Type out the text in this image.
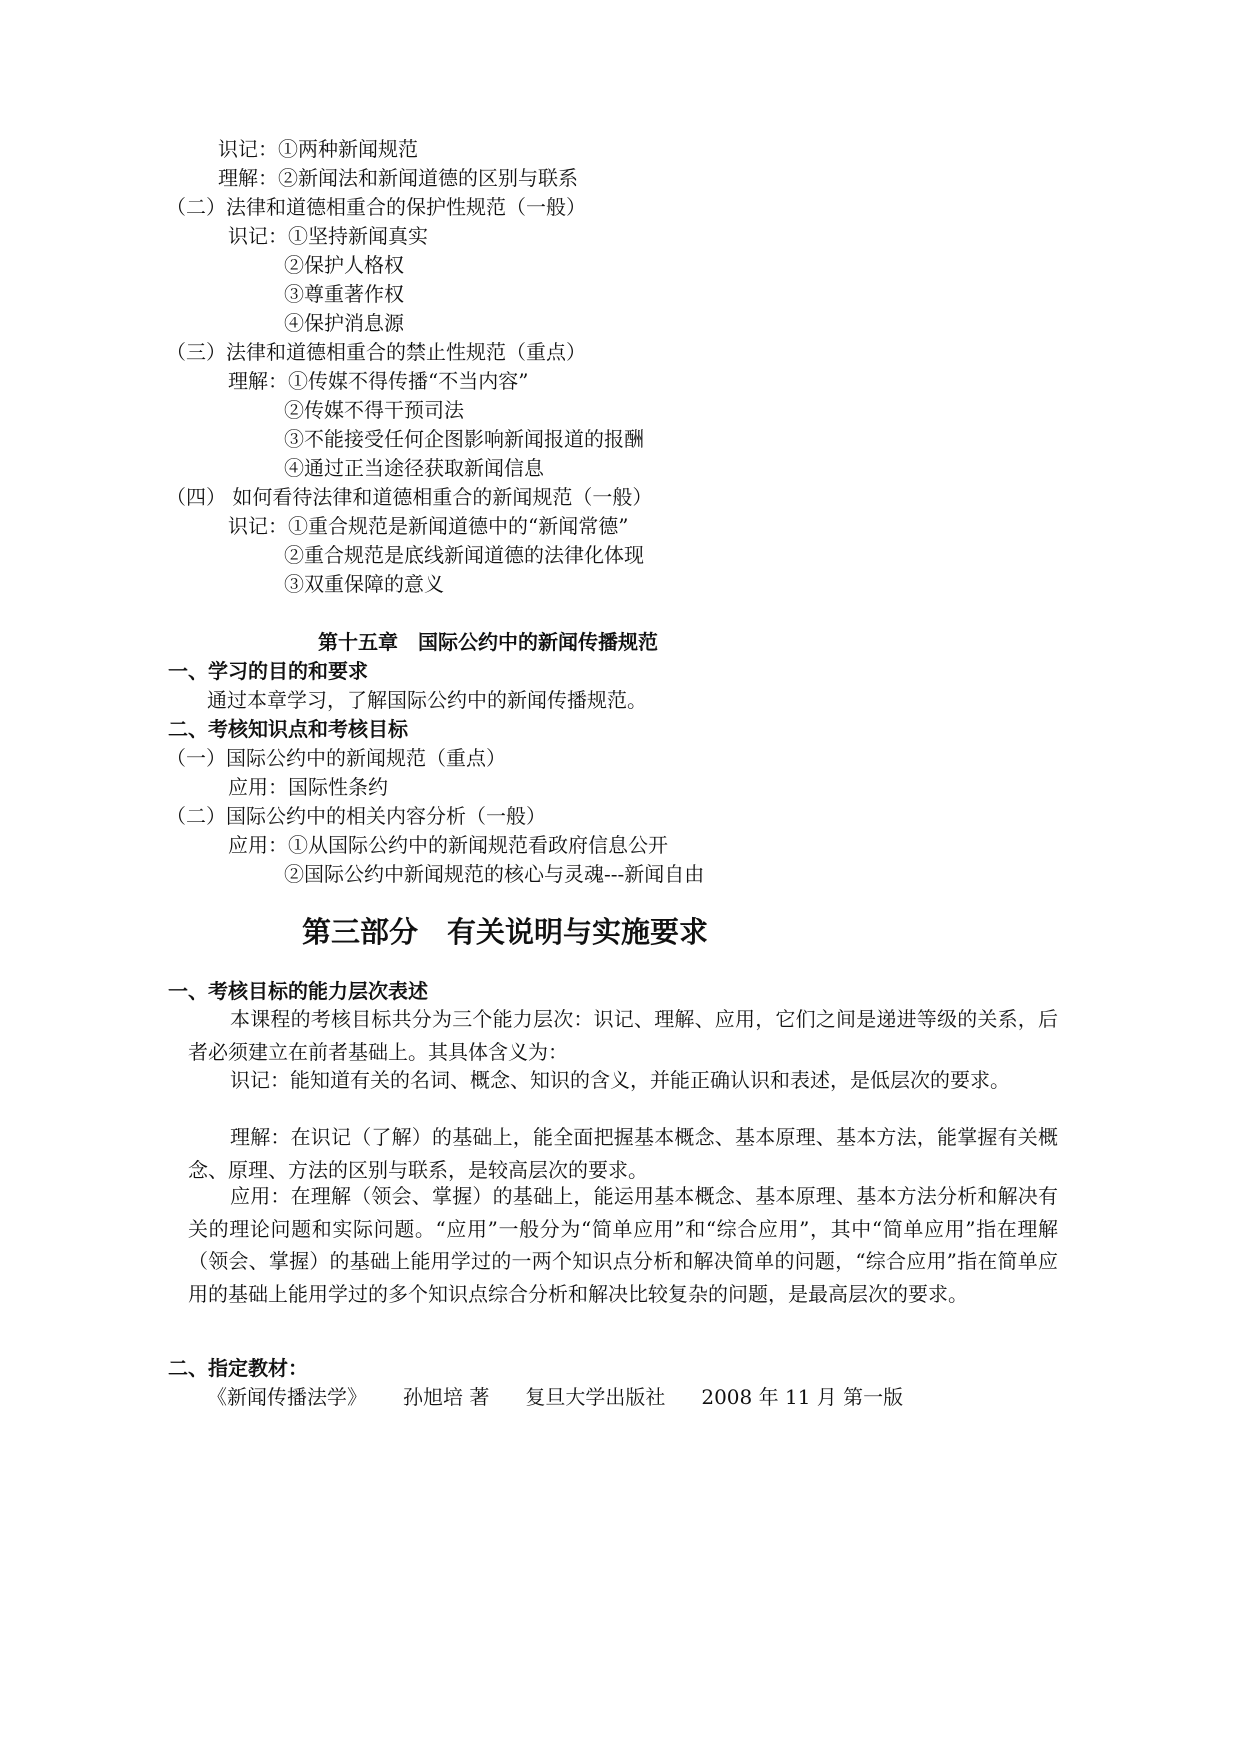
识记：①两种新闻规范
理解：②新闻法和新闻道德的区别与联系
（二）法律和道德相重合的保护性规范（一般）
识记：①坚持新闻真实
②保护人格权
③尊重著作权
④保护消息源
（三）法律和道德相重合的禁止性规范（重点）
理解：①传媒不得传播“不当内容”
②传媒不得干预司法
③不能接受任何企图影响新闻报道的报酬
④通过正当途径获取新闻信息
（四） 如何看待法律和道德相重合的新闻规范（一般）
识记：①重合规范是新闻道德中的“新闻常德”
②重合规范是底线新闻道德的法律化体现
③双重保障的意义
第十五章　国际公约中的新闻传播规范
一、学习的目的和要求
通过本章学习，了解国际公约中的新闻传播规范。
二、考核知识点和考核目标
（一）国际公约中的新闻规范（重点）
应用：国际性条约
（二）国际公约中的相关内容分析（一般）
应用：①从国际公约中的新闻规范看政府信息公开
②国际公约中新闻规范的核心与灵魂---新闻自由
第三部分　有关说明与实施要求
一、考核目标的能力层次表述
本课程的考核目标共分为三个能力层次：识记、理解、应用，它们之间是递进等级的关系，后者必须建立在前者基础上。其具体含义为：
识记：能知道有关的名词、概念、知识的含义，并能正确认识和表述，是低层次的要求。
理解：在识记（了解）的基础上，能全面把握基本概念、基本原理、基本方法，能掌握有关概念、原理、方法的区别与联系，是较高层次的要求。
应用：在理解（领会、掌握）的基础上，能运用基本概念、基本原理、基本方法分析和解决有关的理论问题和实际问题。“应用”一般分为“简单应用”和“综合应用”，其中“简单应用”指在理解（领会、掌握）的基础上能用学过的一两个知识点分析和解决简单的问题，“综合应用”指在简单应用的基础上能用学过的多个知识点综合分析和解决比较复杂的问题，是最高层次的要求。
二、指定教材：
《新闻传播法学》 孙旭培 著 复旦大学出版社 2008 年 11 月 第一版
